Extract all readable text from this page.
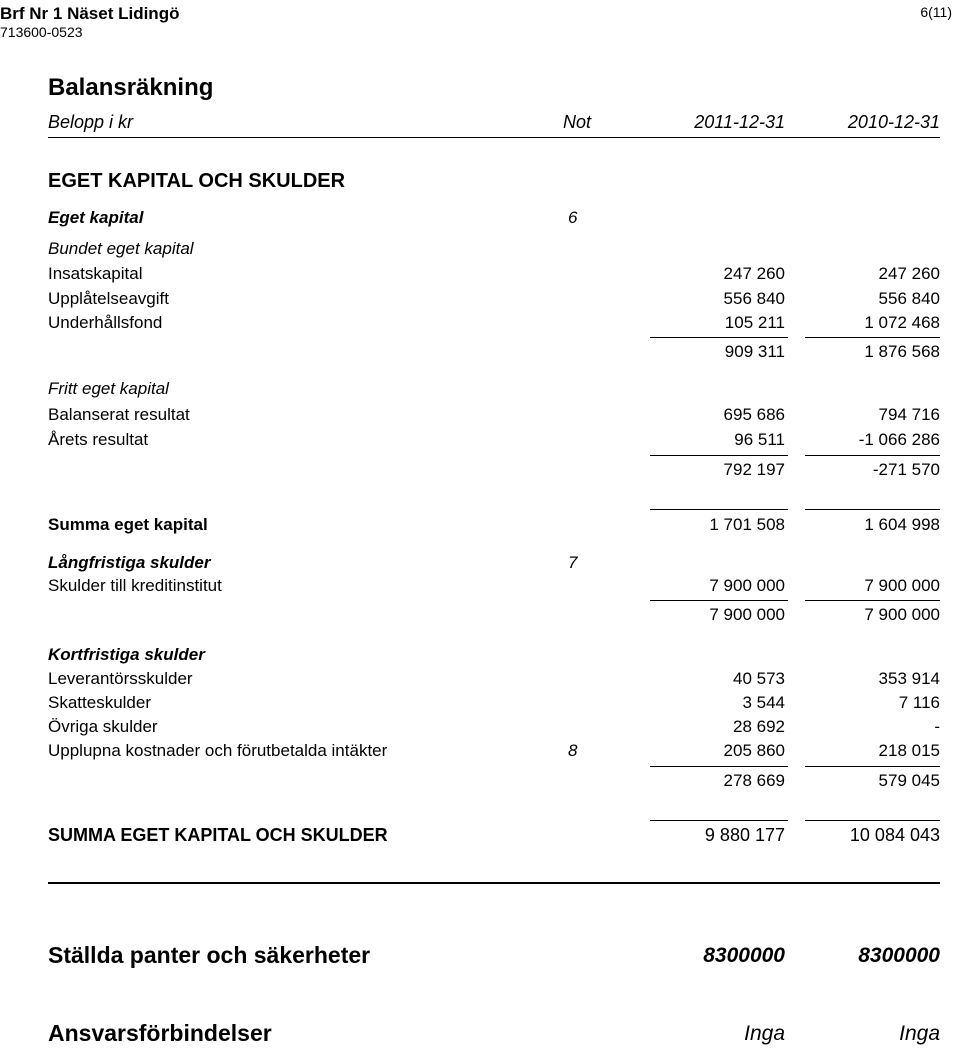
Brf Nr 1 Näset Lidingö
713600-0523
6(11)
Balansräkning
Belopp i kr	Not	2011-12-31	2010-12-31
EGET KAPITAL OCH SKULDER
Eget kapital	6
Bundet eget kapital
Insatskapital	247 260	247 260
Upplåtelseavgift	556 840	556 840
Underhållsfond	105 211	1 072 468
909 311	1 876 568
Fritt eget kapital
Balanserat resultat	695 686	794 716
Årets resultat	96 511	-1 066 286
792 197	-271 570
Summa eget kapital	1 701 508	1 604 998
Långfristiga skulder	7
Skulder till kreditinstitut	7 900 000	7 900 000
7 900 000	7 900 000
Kortfristiga skulder
Leverantörsskulder	40 573	353 914
Skatteskulder	3 544	7 116
Övriga skulder	28 692	-
Upplupna kostnader och förutbetalda intäkter	8	205 860	218 015
278 669	579 045
SUMMA EGET KAPITAL OCH SKULDER	9 880 177	10 084 043
Ställda panter och säkerheter	8300000	8300000
Ansvarsförbindelser	Inga	Inga
